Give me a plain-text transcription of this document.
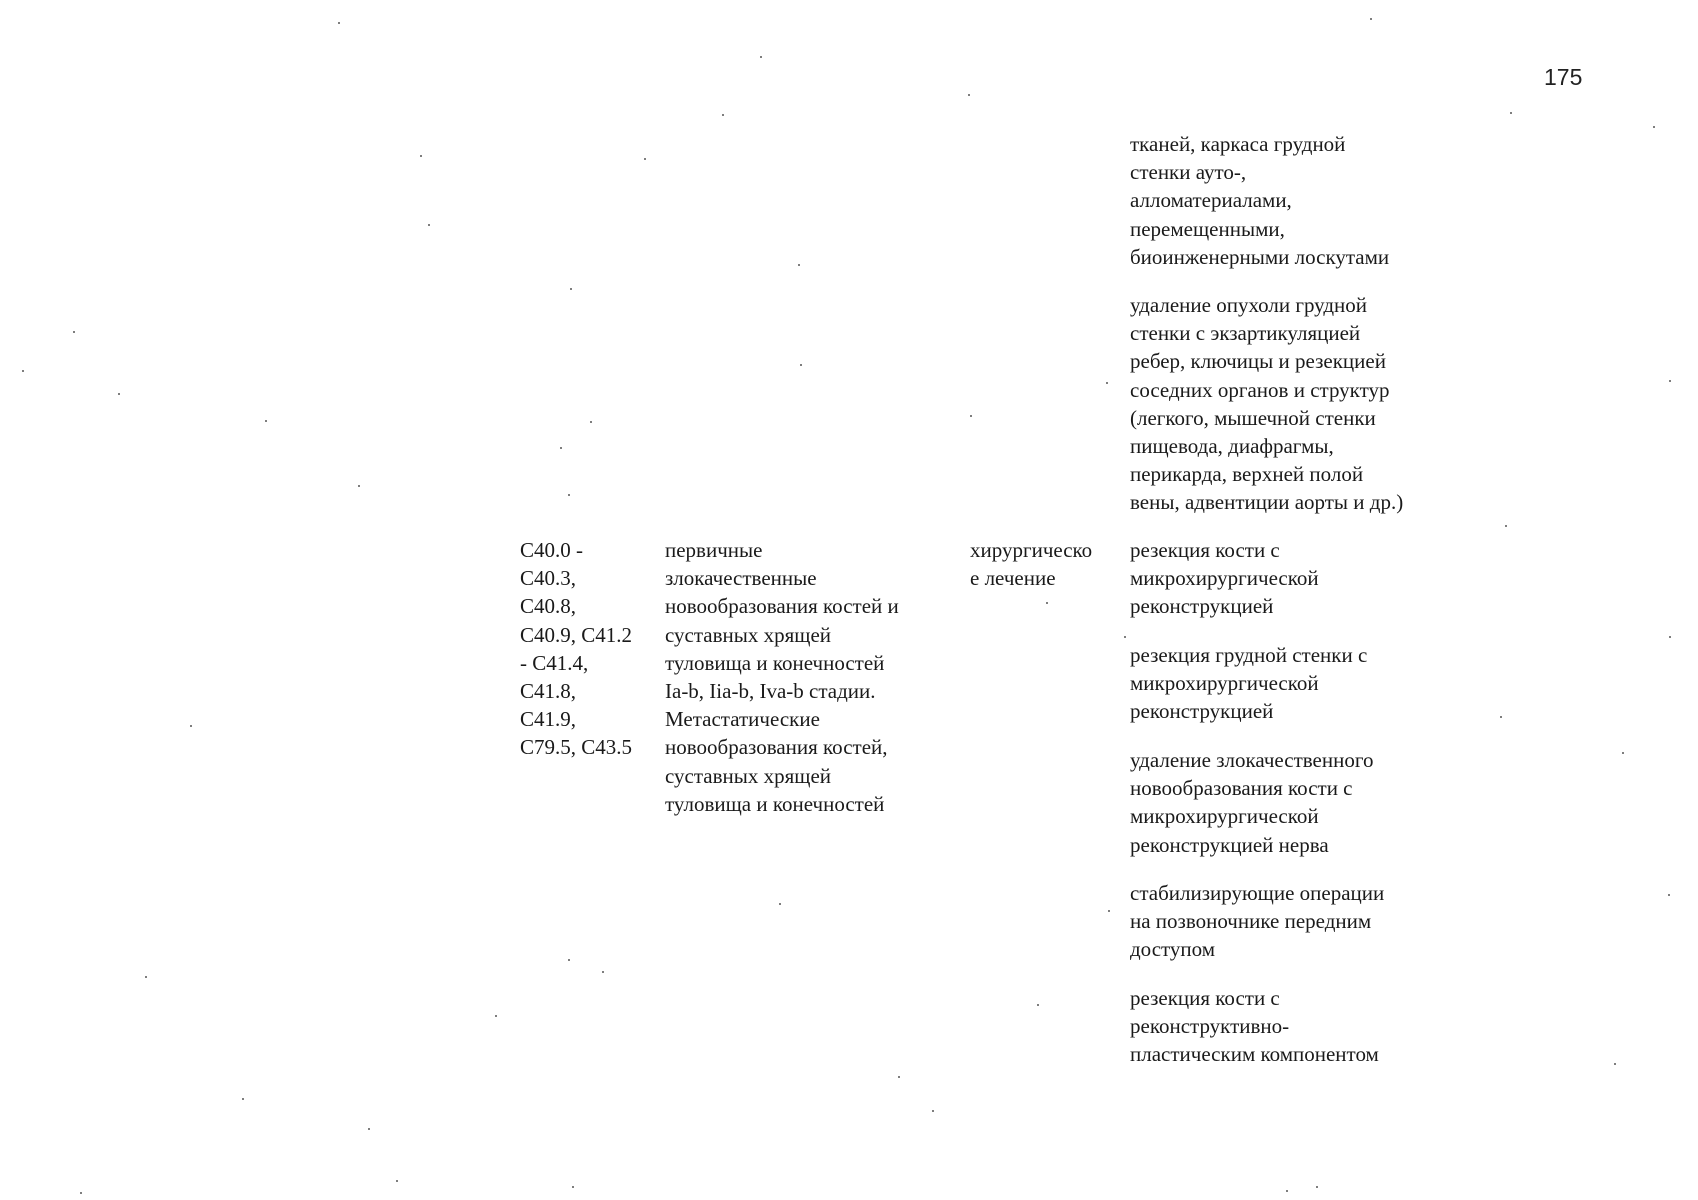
175
тканей, каркаса грудной
стенки ауто-,
алломатериалами,
перемещенными,
биоинженерными лоскутами
удаление опухоли грудной
стенки с экзартикуляцией
ребер, ключицы и резекцией
соседних органов и структур
(легкого, мышечной стенки
пищевода, диафрагмы,
перикарда, верхней полой
вены, адвентиции аорты и др.)
C40.0 -
C40.3,
C40.8,
C40.9, C41.2
- C41.4,
C41.8,
C41.9,
C79.5, C43.5
первичные
злокачественные
новообразования костей и
суставных хрящей
туловища и конечностей
Ia-b, Iia-b, Iva-b стадии.
Метастатические
новообразования костей,
суставных хрящей
туловища и конечностей
хирургическо
е лечение
резекция кости с
микрохирургической
реконструкцией
резекция грудной стенки с
микрохирургической
реконструкцией
удаление злокачественного
новообразования кости с
микрохирургической
реконструкцией нерва
стабилизирующие операции
на позвоночнике передним
доступом
резекция кости с
реконструктивно-
пластическим компонентом
